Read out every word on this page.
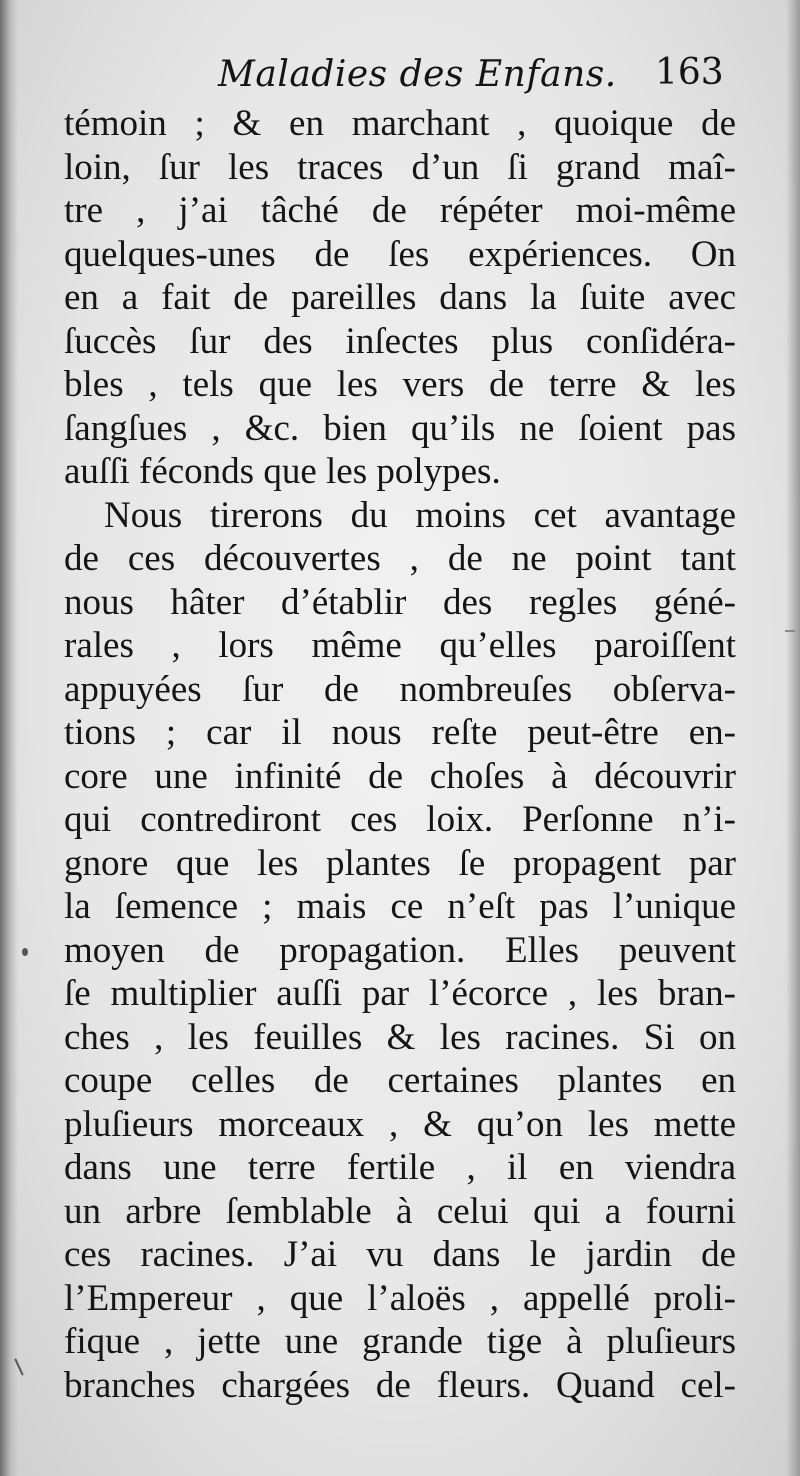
Maladies des Enfans. 163
témoin ; & en marchant , quoique de
loin, ſur les traces d’un ſi grand maî-
tre , j’ai tâché de répéter moi-même
quelques-unes de ſes expériences. On
en a fait de pareilles dans la ſuite avec
ſuccès ſur des inſectes plus conſidéra-
bles , tels que les vers de terre & les
ſangſues , &c. bien qu’ils ne ſoient pas
auſſi féconds que les polypes.
Nous tirerons du moins cet avantage
de ces découvertes , de ne point tant
nous hâter d’établir des regles géné-
rales , lors même qu’elles paroiſſent
appuyées ſur de nombreuſes obſerva-
tions ; car il nous reſte peut-être en-
core une infinité de choſes à découvrir
qui contrediront ces loix. Perſonne n’i-
gnore que les plantes ſe propagent par
la ſemence ; mais ce n’eſt pas l’unique
moyen de propagation. Elles peuvent
ſe multiplier auſſi par l’écorce , les bran-
ches , les feuilles & les racines. Si on
coupe celles de certaines plantes en
pluſieurs morceaux , & qu’on les mette
dans une terre fertile , il en viendra
un arbre ſemblable à celui qui a fourni
ces racines. J’ai vu dans le jardin de
l’Empereur , que l’aloës , appellé proli-
fique , jette une grande tige à pluſieurs
branches chargées de fleurs. Quand cel-
